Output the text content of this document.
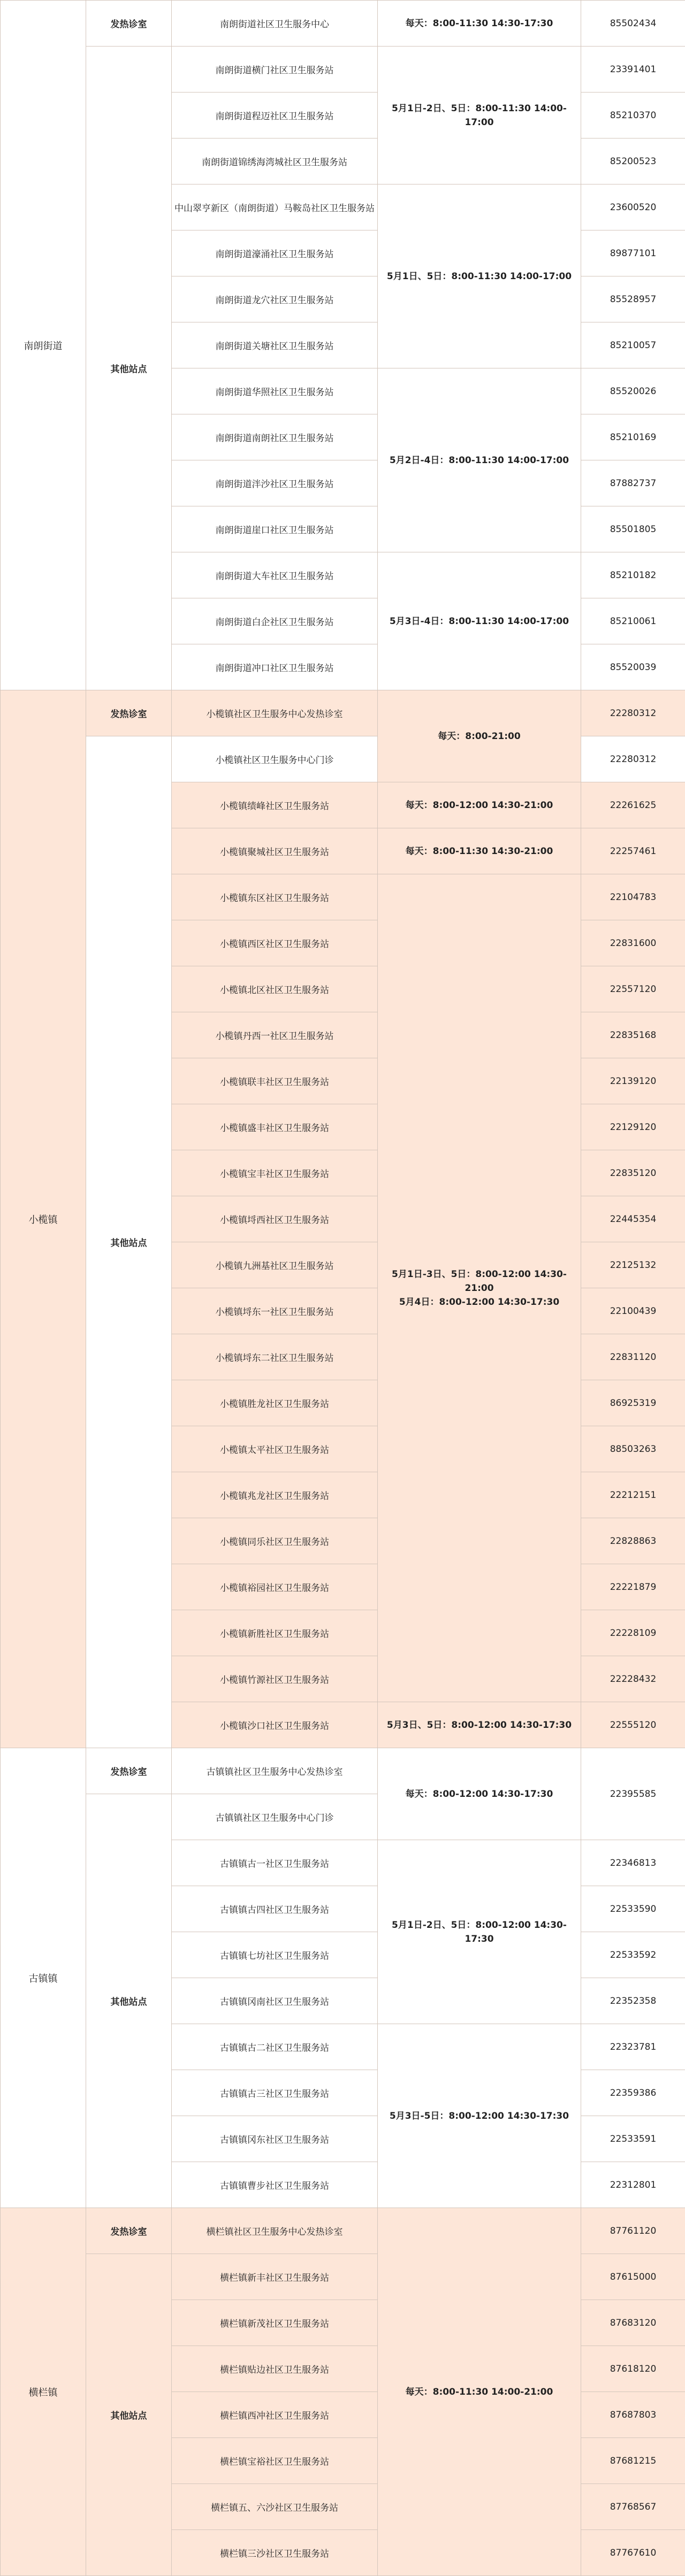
南朗街道	发热诊室	南朗街道社区卫生服务中心	每天：8:00-11:30 14:30-17:30	85502434
	其他站点	南朗街道横门社区卫生服务站	5月1日-2日、5日：8:00-11:30 14:00-17:00	23391401
		南朗街道程迈社区卫生服务站		85210370
		南朗街道锦绣海湾城社区卫生服务站		85200523
		中山翠亨新区（南朗街道）马鞍岛社区卫生服务站	5月1日、5日：8:00-11:30 14:00-17:00	23600520
		南朗街道濠涌社区卫生服务站		89877101
		南朗街道龙穴社区卫生服务站		85528957
		南朗街道关塘社区卫生服务站		85210057
		南朗街道华照社区卫生服务站	5月2日-4日：8:00-11:30 14:00-17:00	85520026
		南朗街道南朗社区卫生服务站		85210169
		南朗街道泮沙社区卫生服务站		87882737
		南朗街道崖口社区卫生服务站		85501805
		南朗街道大车社区卫生服务站	5月3日-4日：8:00-11:30 14:00-17:00	85210182
		南朗街道白企社区卫生服务站		85210061
		南朗街道冲口社区卫生服务站		85520039
小榄镇	发热诊室	小榄镇社区卫生服务中心发热诊室	每天：8:00-21:00	22280312
	其他站点	小榄镇社区卫生服务中心门诊		22280312
		小榄镇绩峰社区卫生服务站	每天：8:00-12:00 14:30-21:00	22261625
		小榄镇聚城社区卫生服务站	每天：8:00-11:30 14:30-21:00	22257461
		小榄镇东区社区卫生服务站	5月1日-3日、5日：8:00-12:00 14:30-21:00
5月4日：8:00-12:00 14:30-17:30	22104783
		小榄镇西区社区卫生服务站		22831600
		小榄镇北区社区卫生服务站		22557120
		小榄镇丹西一社区卫生服务站		22835168
		小榄镇联丰社区卫生服务站		22139120
		小榄镇盛丰社区卫生服务站		22129120
		小榄镇宝丰社区卫生服务站		22835120
		小榄镇埒西社区卫生服务站		22445354
		小榄镇九洲基社区卫生服务站		22125132
		小榄镇埒东一社区卫生服务站		22100439
		小榄镇埒东二社区卫生服务站		22831120
		小榄镇胜龙社区卫生服务站		86925319
		小榄镇太平社区卫生服务站		88503263
		小榄镇兆龙社区卫生服务站		22212151
		小榄镇同乐社区卫生服务站		22828863
		小榄镇裕园社区卫生服务站		22221879
		小榄镇新胜社区卫生服务站		22228109
		小榄镇竹源社区卫生服务站		22228432
		小榄镇沙口社区卫生服务站	5月3日、5日：8:00-12:00 14:30-17:30	22555120
古镇镇	发热诊室	古镇镇社区卫生服务中心发热诊室	每天：8:00-12:00 14:30-17:30	22395585
	其他站点	古镇镇社区卫生服务中心门诊		
		古镇镇古一社区卫生服务站	5月1日-2日、5日：8:00-12:00 14:30-17:30	22346813
		古镇镇古四社区卫生服务站		22533590
		古镇镇七坊社区卫生服务站		22533592
		古镇镇冈南社区卫生服务站		22352358
		古镇镇古二社区卫生服务站	5月3日-5日：8:00-12:00 14:30-17:30	22323781
		古镇镇古三社区卫生服务站		22359386
		古镇镇冈东社区卫生服务站		22533591
		古镇镇曹步社区卫生服务站		22312801
横栏镇	发热诊室	横栏镇社区卫生服务中心发热诊室	每天：8:00-11:30 14:00-21:00	87761120
	其他站点	横栏镇新丰社区卫生服务站		87615000
		横栏镇新茂社区卫生服务站		87683120
		横栏镇贴边社区卫生服务站		87618120
		横栏镇西冲社区卫生服务站		87687803
		横栏镇宝裕社区卫生服务站		87681215
		横栏镇五、六沙社区卫生服务站		87768567
		横栏镇三沙社区卫生服务站		87767610
